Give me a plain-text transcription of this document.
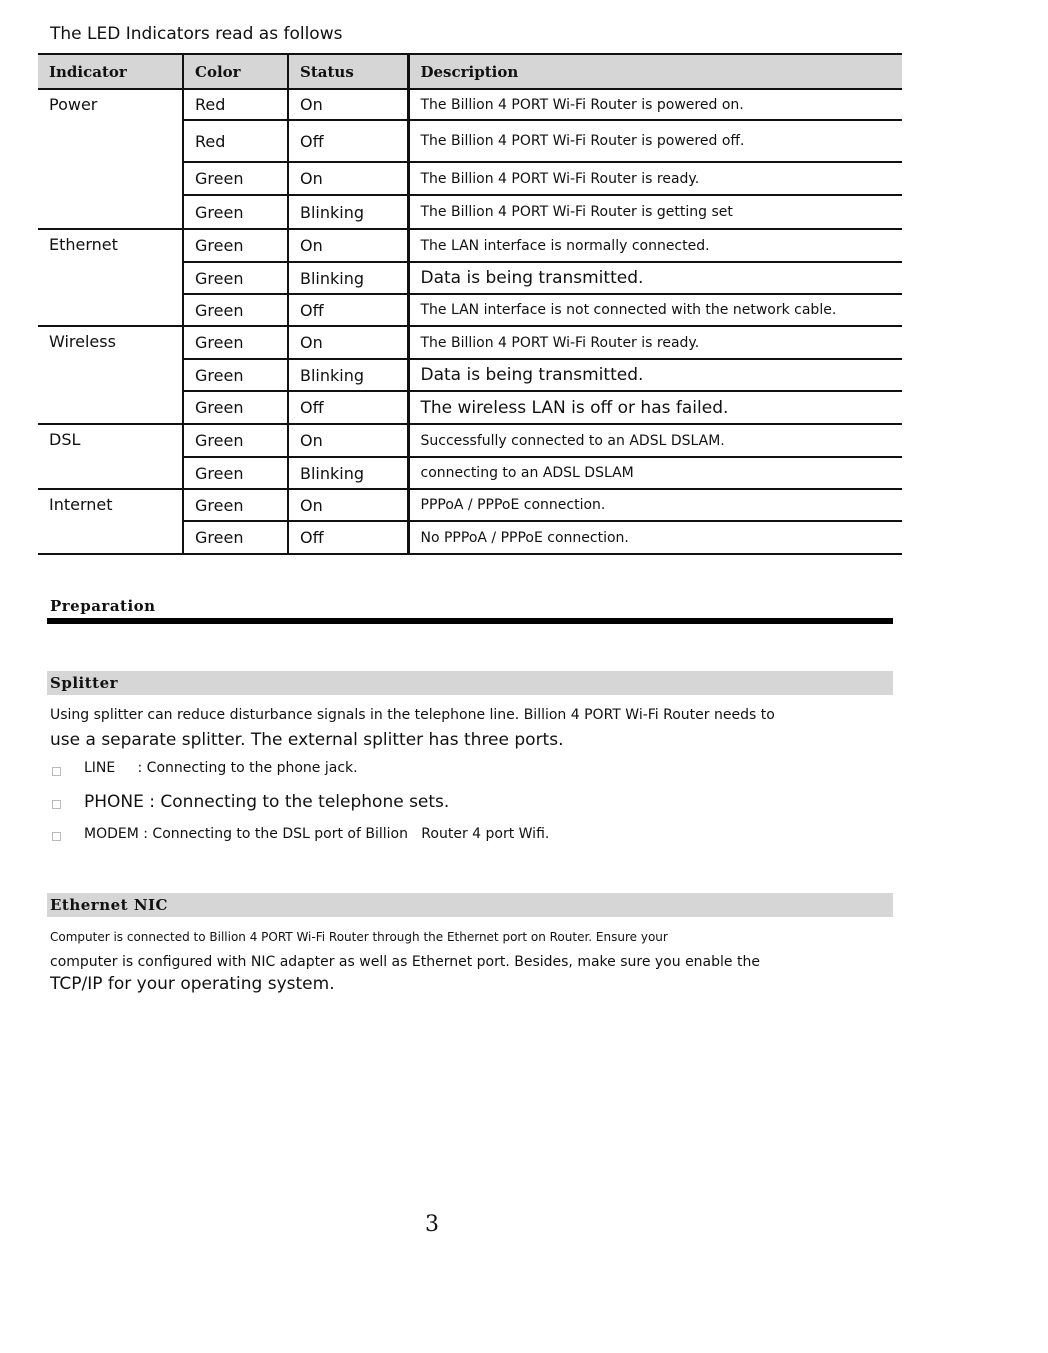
The LED Indicators read as follows
Indicator	Color	Status	Description
Power	Red	On	The Billion 4 PORT Wi-Fi Router is powered on.
	Red	Off	The Billion 4 PORT Wi-Fi Router is powered off.
	Green	On	The Billion 4 PORT Wi-Fi Router is ready.
	Green	Blinking	The Billion 4 PORT Wi-Fi Router is getting set
Ethernet	Green	On	The LAN interface is normally connected.
	Green	Blinking	Data is being transmitted.
	Green	Off	The LAN interface is not connected with the network cable.
Wireless	Green	On	The Billion 4 PORT Wi-Fi Router is ready.
	Green	Blinking	Data is being transmitted.
	Green	Off	The wireless LAN is off or has failed.
DSL	Green	On	Successfully connected to an ADSL DSLAM.
	Green	Blinking	connecting to an ADSL DSLAM
Internet	Green	On	PPPoA / PPPoE connection.
	Green	Off	No PPPoA / PPPoE connection.
Preparation
Splitter
Using splitter can reduce disturbance signals in the telephone line. Billion 4 PORT Wi-Fi Router needs to
use a separate splitter. The external splitter has three ports.
LINE     : Connecting to the phone jack.
PHONE : Connecting to the telephone sets.
MODEM : Connecting to the DSL port of Billion   Router 4 port Wifi.
Ethernet NIC
Computer is connected to Billion 4 PORT Wi-Fi Router through the Ethernet port on Router. Ensure your
computer is configured with NIC adapter as well as Ethernet port. Besides, make sure you enable the
TCP/IP for your operating system.
3
